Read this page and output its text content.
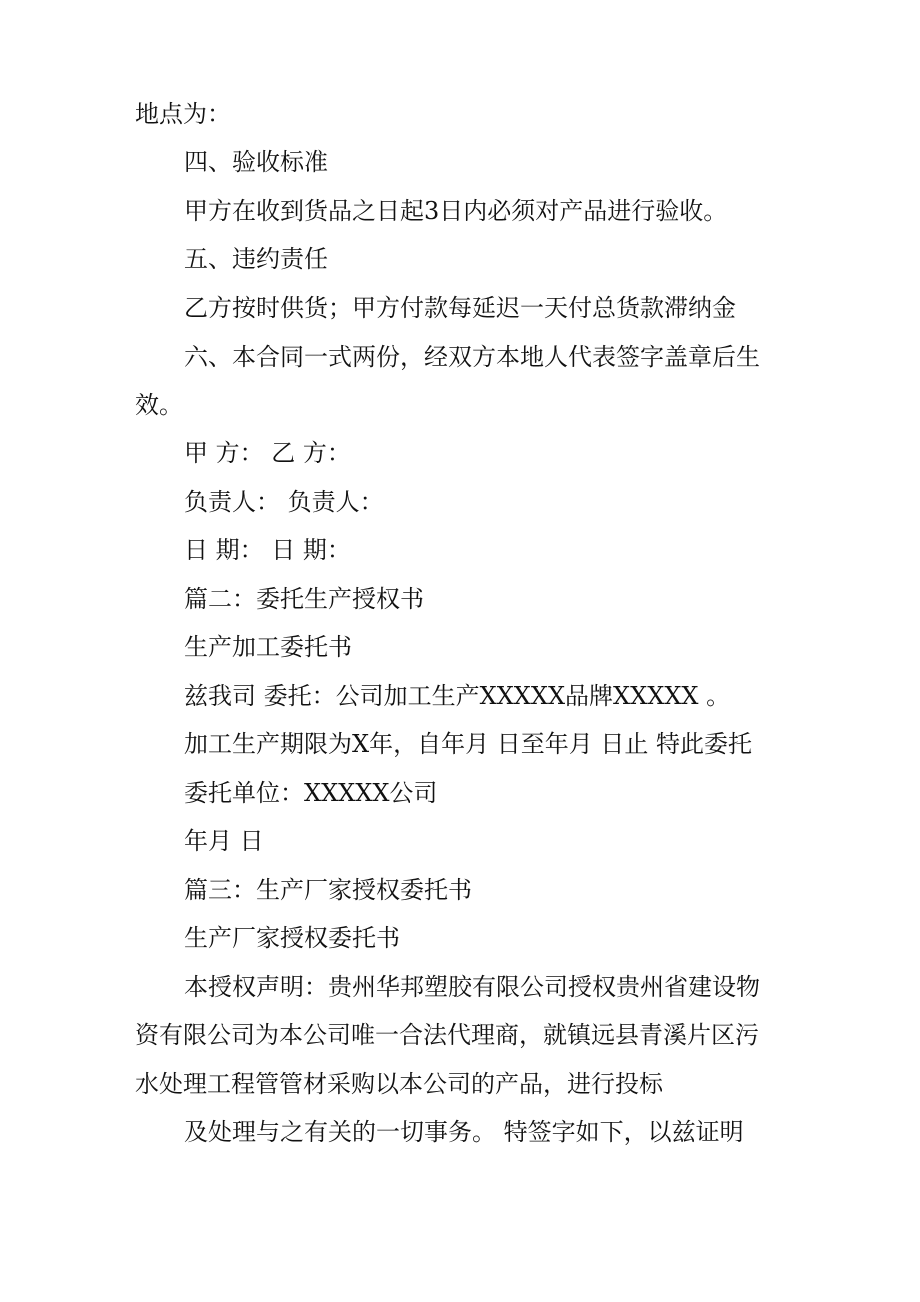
地点为：
四、验收标准
甲方在收到货品之日起3日内必须对产品进行验收。
五、违约责任
乙方按时供货；甲方付款每延迟一天付总货款滞纳金
六、本合同一式两份，经双方本地人代表签字盖章后生
效。
甲 方： 乙 方：
负责人： 负责人：
日 期： 日 期：
篇二：委托生产授权书
生产加工委托书
兹我司 委托：公司加工生产XXXXX品牌XXXXX 。
加工生产期限为X年，自年月 日至年月 日止 特此委托
委托单位：XXXXX公司
年月 日
篇三：生产厂家授权委托书
生产厂家授权委托书
本授权声明：贵州华邦塑胶有限公司授权贵州省建设物
资有限公司为本公司唯一合法代理商，就镇远县青溪片区污
水处理工程管管材采购以本公司的产品，进行投标
及处理与之有关的一切事务。 特签字如下，以兹证明
